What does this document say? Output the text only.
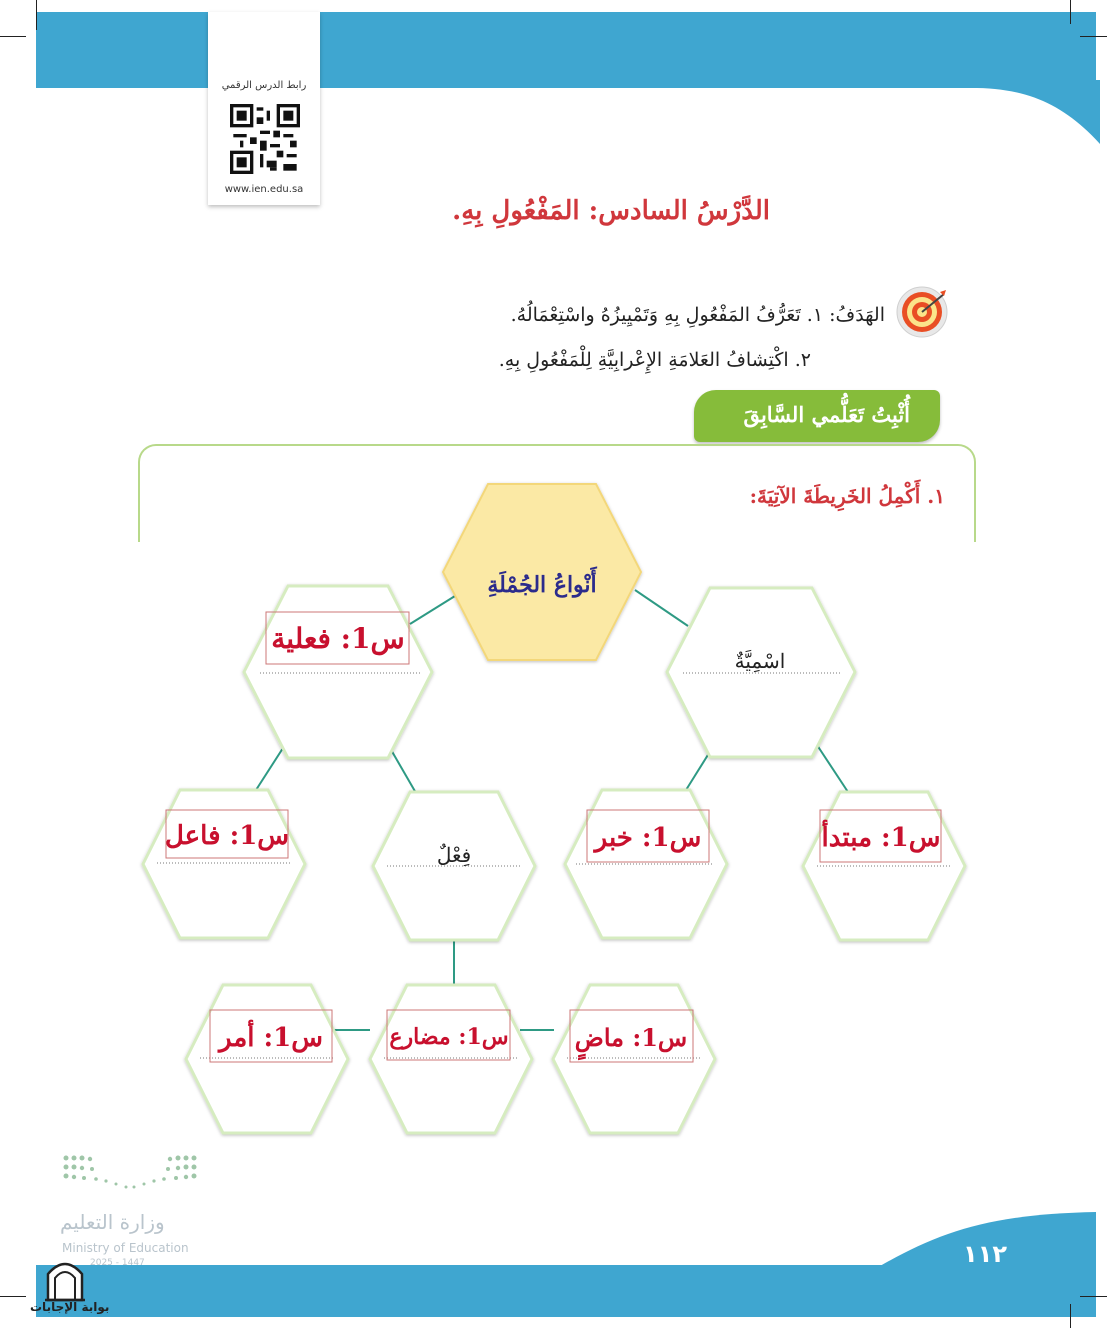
رابط الدرس الرقمي
www.ien.edu.sa
الدَّرْسُ السادس: المَفْعُولِ بِهِ.
الهَدَفُ: ١. تَعَرُّفُ المَفْعُولِ بِهِ وَتَمْيِيزُهُ واسْتِعْمَالُهُ.
٢. اكْتِشافُ العَلامَةِ الإِعْرابِيَّةِ لِلْمَفْعُولِ بِهِ.
أُثْبِتُ تَعَلُّمي السَّابِقَ
١. أَكْمِلُ الخَرِيطَةَ الآتِيَةَ:
أَنْواعُ الجُمْلَةِ
س1: فعلية
اسْمِيَّةٌ
س1: فاعل
فِعْلٌ
س1: خبر	س1: مبتدأ
س1: أمر	س1: مضارع	س1: ماضٍ
١١٢
وزارة التعليم
Ministry of Education
2025 - 1447
بوابة الإجابات
